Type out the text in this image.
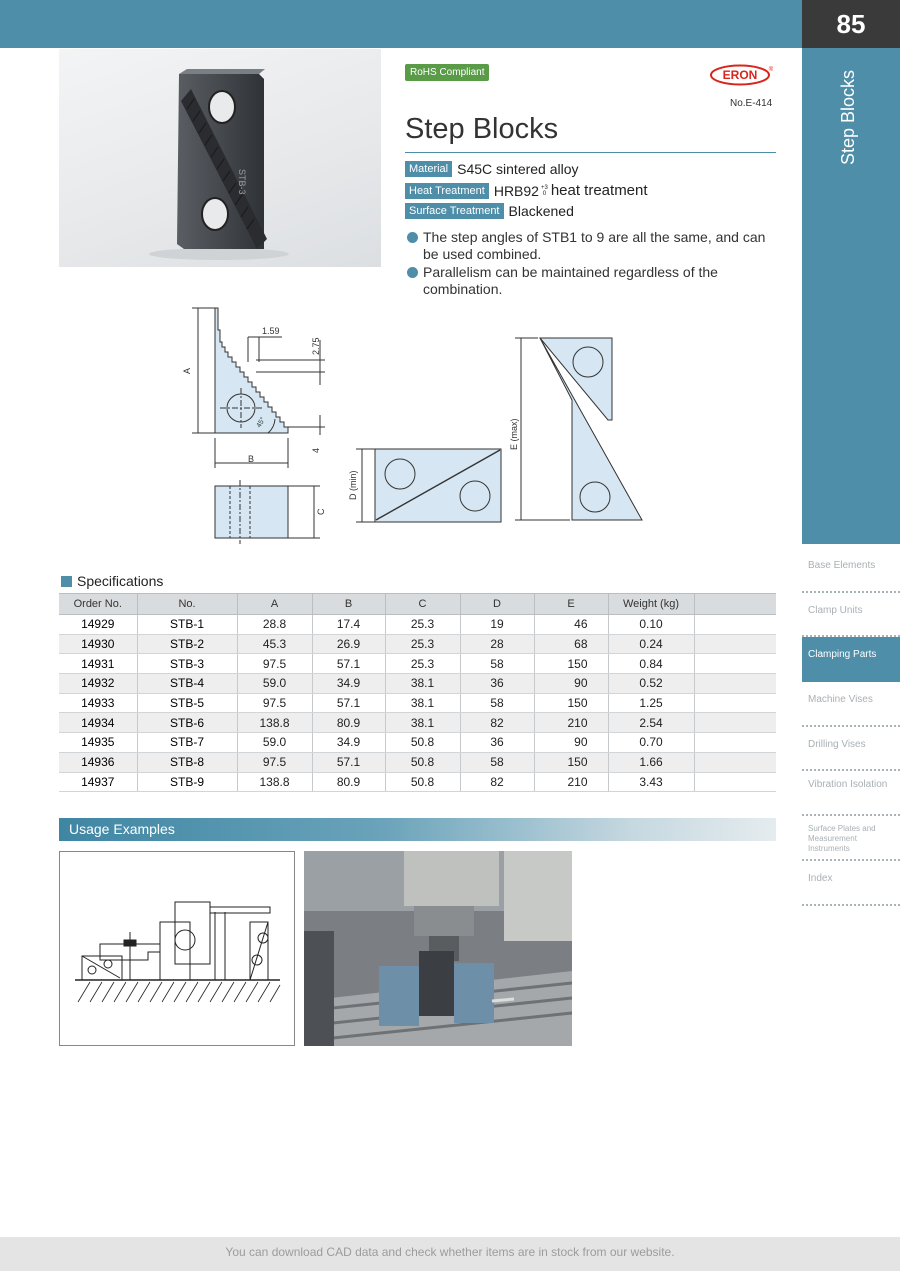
85
Step Blocks
Base Elements
Clamp Units
Clamping Parts
Machine Vises
Drilling Vises
Vibration Isolation
Surface Plates and Measurement Instruments
Index
STB-3
RoHS Compliant	ERON ®
No.E-414
Step Blocks
Material S45C sintered alloy
Heat Treatment HRB92 +3
0 heat treatment
Surface Treatment Blackened
The step angles of STB1 to 9 are all the same, and can be used combined.
Parallelism can be maintained regardless of the combination.
A
B
C
D (min)
E (max)
1.59
2.75
4
45°
Specifications
Order No.	No.	A	B	C	D	E	Weight (kg)	
14929	STB-1	28.8	17.4	25.3	19	46	0.10	
14930	STB-2	45.3	26.9	25.3	28	68	0.24	
14931	STB-3	97.5	57.1	25.3	58	150	0.84	
14932	STB-4	59.0	34.9	38.1	36	90	0.52	
14933	STB-5	97.5	57.1	38.1	58	150	1.25	
14934	STB-6	138.8	80.9	38.1	82	210	2.54	
14935	STB-7	59.0	34.9	50.8	36	90	0.70	
14936	STB-8	97.5	57.1	50.8	58	150	1.66	
14937	STB-9	138.8	80.9	50.8	82	210	3.43	
Usage Examples
You can download CAD data and check whether items are in stock from our website.
